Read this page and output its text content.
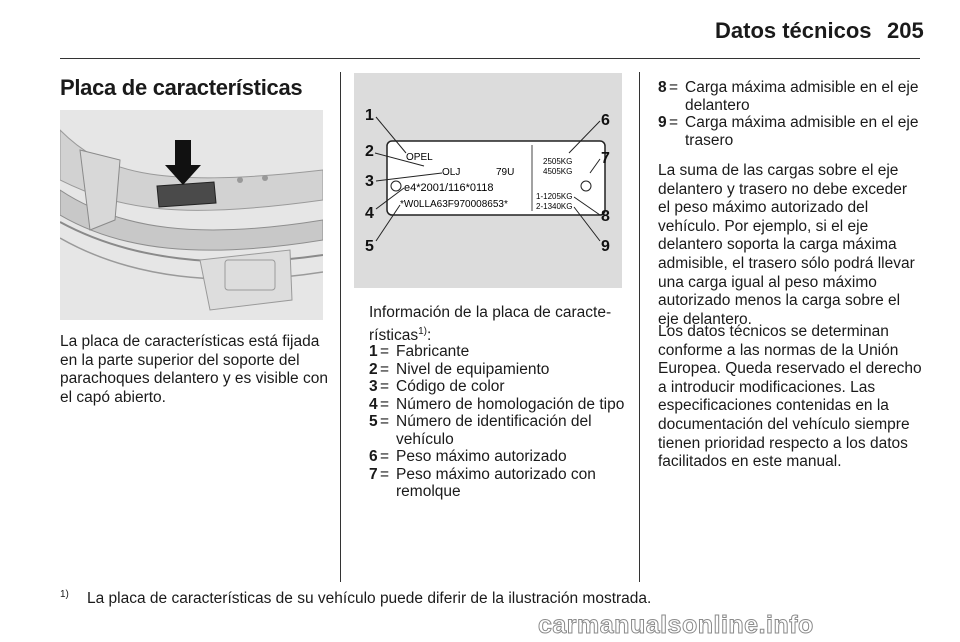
Datos técnicos 205
Placa de características

La placa de características está fijada en la parte superior del soporte del parachoques delantero y es visible con el capó abierto.

OPEL
OLJ	79U
e4*2001/116*0118
*W0LLA63F970008653*
2505KG
4505KG
1-1205KG
2-1340KG
1
2
3
4
5
6
7
8
9

Información de la placa de caracte-rísticas$^{1)}$:

1 = Fabricante
2 = Nivel de equipamiento
3 = Código de color
4 = Número de homologación de tipo
5 = Número de identificación del vehículo
6 = Peso máximo autorizado
7 = Peso máximo autorizado con remolque
8 = Carga máxima admisible en el eje delantero
9 = Carga máxima admisible en el eje trasero

La suma de las cargas sobre el eje delantero y trasero no debe exceder el peso máximo autorizado del vehículo. Por ejemplo, si el eje delantero soporta la carga máxima admisible, el trasero sólo podrá llevar una carga igual al peso máximo autorizado menos la carga sobre el eje delantero.

Los datos técnicos se determinan conforme a las normas de la Unión Europea. Queda reservado el derecho a introducir modificaciones. Las especificaciones contenidas en la documentación del vehículo siempre tienen prioridad respecto a los datos facilitados en este manual.

1) La placa de características de su vehículo puede diferir de la ilustración mostrada.
carmanualsonline.info
